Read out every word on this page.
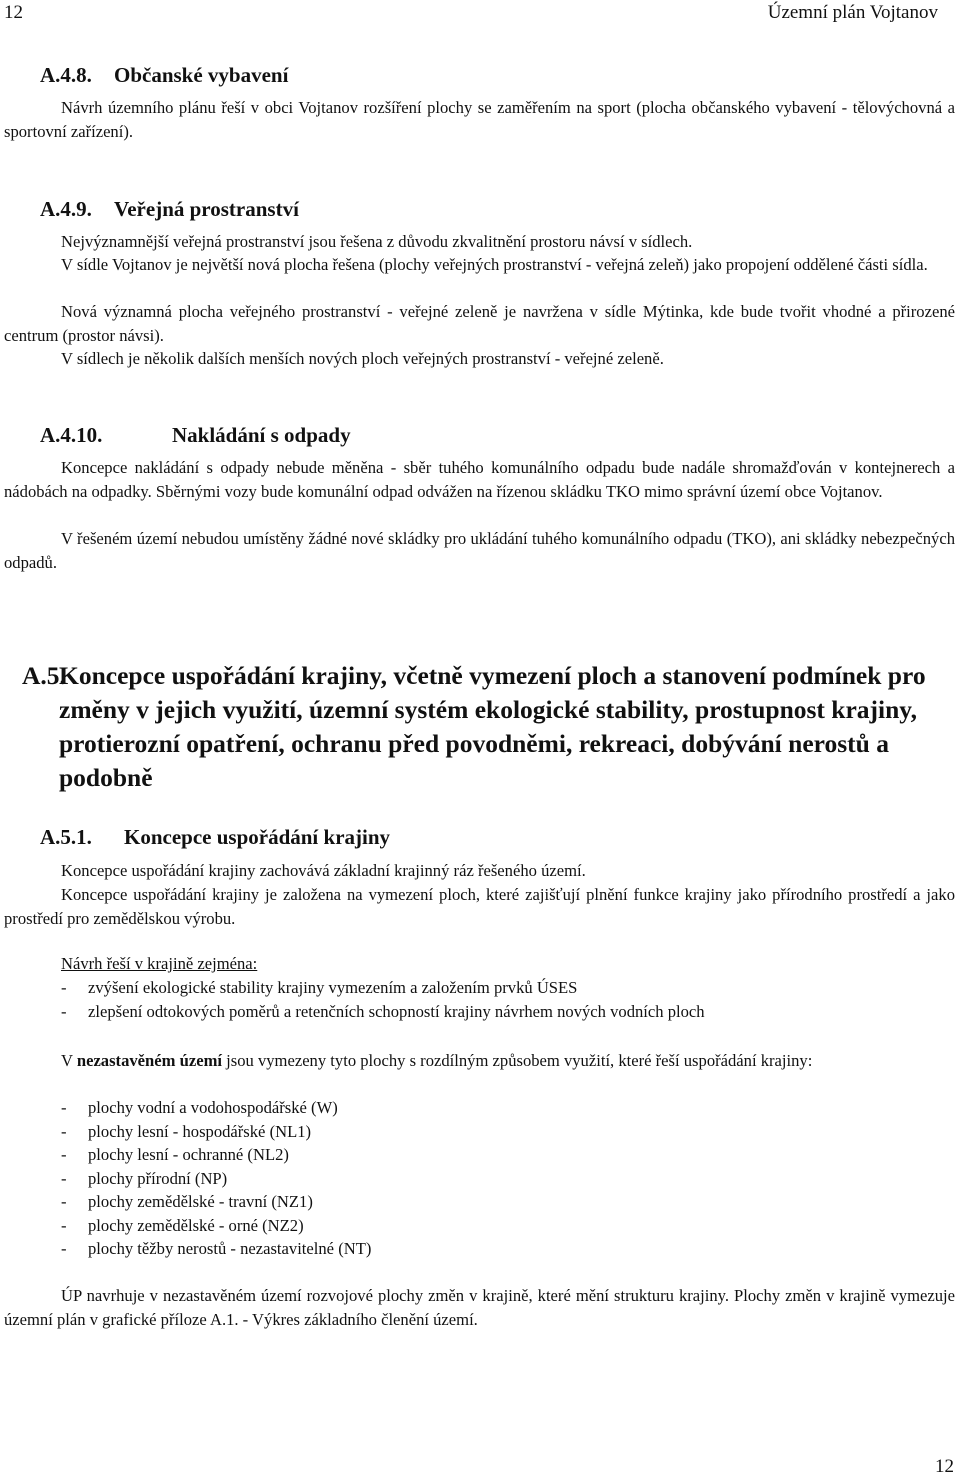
12	Územní plán Vojtanov
A.4.8. Občanské vybavení

Návrh územního plánu řeší v obci Vojtanov rozšíření plochy se zaměřením na sport (plocha občanského vybavení - tělovýchovná a sportovní zařízení).

A.4.9. Veřejná prostranství

Nejvýznamnější veřejná prostranství jsou řešena z důvodu zkvalitnění prostoru návsí v sídlech.

V sídle Vojtanov je největší nová plocha řešena (plochy veřejných prostranství - veřejná zeleň) jako propojení oddělené části sídla.

Nová významná plocha veřejného prostranství - veřejné zeleně je navržena v sídle Mýtinka, kde bude tvořit vhodné a přirozené centrum (prostor návsi).

V sídlech je několik dalších menších nových ploch veřejných prostranství - veřejné zeleně.

A.4.10.	Nakládání s odpady

Koncepce nakládání s odpady nebude měněna - sběr tuhého komunálního odpadu bude nadále shromažďován v kontejnerech a nádobách na odpadky. Sběrnými vozy bude komunální odpad odvážen na řízenou skládku TKO mimo správní území obce Vojtanov.

V řešeném území nebudou umístěny žádné nové skládky pro ukládání tuhého komunálního odpadu (TKO), ani skládky nebezpečných odpadů.

A.5.Koncepce uspořádání krajiny, včetně vymezení ploch a stanovení podmínek pro změny v jejich využití, územní systém ekologické stability, prostupnost krajiny, protierozní opatření, ochranu před povodněmi, rekreaci, dobývání nerostů a podobně
A.5.1. Koncepce uspořádání krajiny

Koncepce uspořádání krajiny zachovává základní krajinný ráz řešeného území.

Koncepce uspořádání krajiny je založena na vymezení ploch, které zajišťují plnění funkce krajiny jako přírodního prostředí a jako prostředí pro zemědělskou výrobu.

Návrh řeší v krajině zejména:

- zvýšení ekologické stability krajiny vymezením a založením prvků ÚSES
- zlepšení odtokových poměrů a retenčních schopností krajiny návrhem nových vodních ploch

V nezastavěném území jsou vymezeny tyto plochy s rozdílným způsobem využití, které řeší uspořádání krajiny:

- plochy vodní a vodohospodářské (W)
- plochy lesní - hospodářské (NL1)
- plochy lesní - ochranné (NL2)
- plochy přírodní (NP)
- plochy zemědělské - travní (NZ1)
- plochy zemědělské - orné (NZ2)
- plochy těžby nerostů - nezastavitelné (NT)

ÚP navrhuje v nezastavěném území rozvojové plochy změn v krajině, které mění strukturu krajiny. Plochy změn v krajině vymezuje územní plán v grafické příloze A.1. - Výkres základního členění území.

12
